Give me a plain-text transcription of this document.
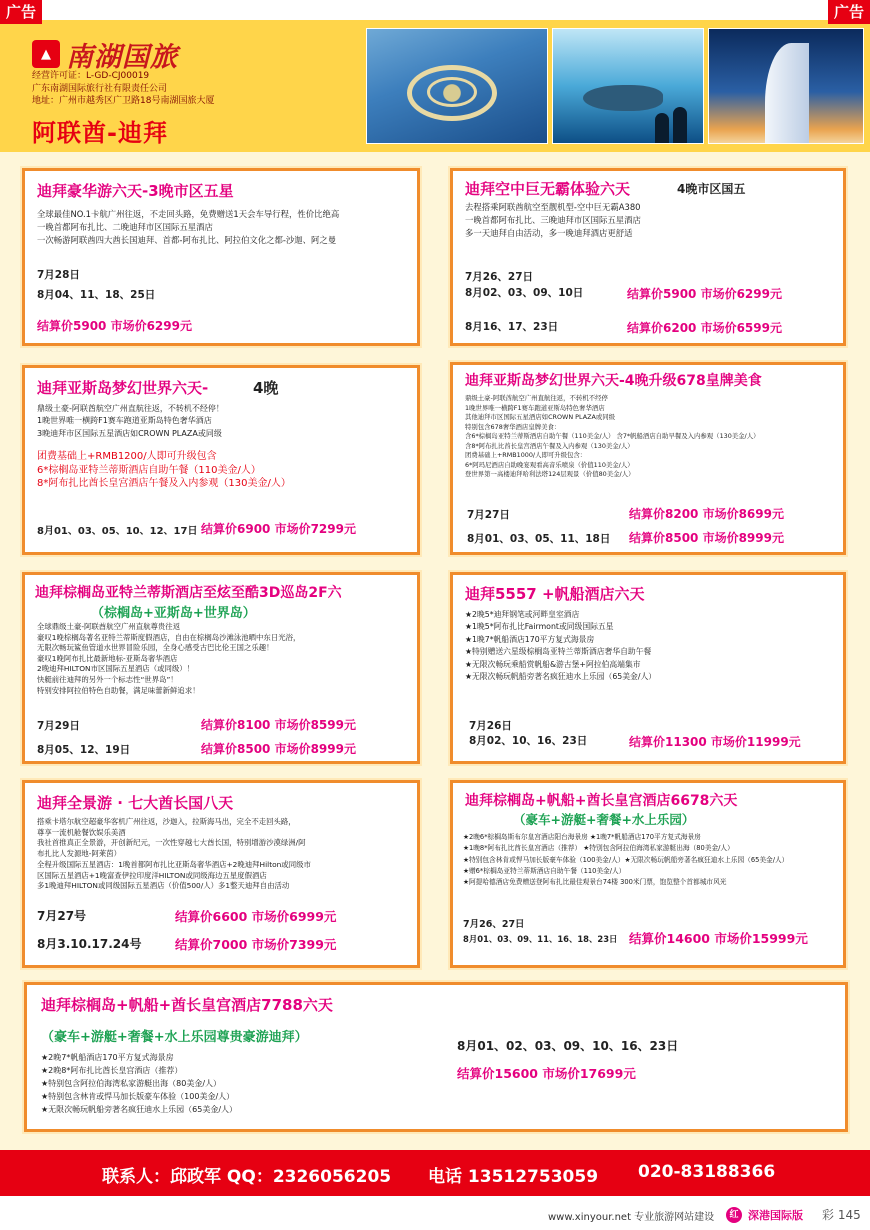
广告	广告
▲ 南湖国旅
经营许可证：L-GD-CJ00019
广东南湖国际旅行社有限责任公司
地址：广州市越秀区广卫路18号南湖国旅大厦
阿联酋-迪拜
迪拜豪华游六天-3晚市区五星
全球最佳NO.1卡航广州往返，不走回头路，免费赠送1天会车导行程，性价比绝高
一晚首都阿布扎比、二晚迪拜市区国际五星酒店
一次畅游阿联酋四大酋长国迪拜、首都-阿布扎比、阿拉伯文化之都-沙迦、阿之曼
7月28日
8月04、11、18、25日
结算价5900 市场价6299元
迪拜空中巨无霸体验六天	4晚市区国五
去程搭乘阿联酋航空至靓机型-空中巨无霸A380
一晚首都阿布扎比、三晚迪拜市区国际五星酒店
多一天迪拜自由活动，多一晚迪拜酒店更舒适
7月26、27日
8月02、03、09、10日	结算价5900 市场价6299元
8月16、17、23日	结算价6200 市场价6599元
迪拜亚斯岛梦幻世界六天-	4晚
鼎级土豪-阿联酋航空广州直航往返，不转机不经停！
1晚世界唯一横跨F1赛车跑道亚斯岛特色奢华酒店
3晚迪拜市区国际五星酒店如CROWN PLAZA或同级
团费基础上+RMB1200/人即可升级包含
6*棕榈岛亚特兰蒂斯酒店自助午餐（110美金/人）
8*阿布扎比酋长皇宫酒店午餐及入内参观（130美金/人）
8月01、03、05、10、12、17日 结算价6900 市场价7299元
迪拜亚斯岛梦幻世界六天-4晚升级678皇牌美食
鼎级土豪-阿联酋航空广州直航往返，不转机不经停
1晚世界唯一横跨F1赛车跑道亚斯岛特色奢华酒店
其他迪拜市区国际五星酒店如CROWN PLAZA或同级
特别包含678奢华酒店皇牌美食：
含6*棕榈岛亚特兰蒂斯酒店自助午餐（110美金/人） 含7*帆船酒店自助早餐及入内参观（130美金/人）
含8*阿布扎比酋长皇宫酒店午餐及入内参观（130美金/人）
团费基础上+RMB1000/人即可升级包含：
6*阿玛尼酒店自助晚宴观看高音乐喷泉（价值110美金/人）
登世界第一高楼迪拜哈利法塔124层观景（价值80美金/人）
7月27日	结算价8200 市场价8699元
8月01、03、05、11、18日 结算价8500 市场价8999元
迪拜棕榈岛亚特兰蒂斯酒店至炫至酷3D巡岛2F六
（棕榈岛+亚斯岛+世界岛）
全球鼎级土豪-阿联酋航空广州直航尊贵往返
豪叹1晚棕榈岛著名亚特兰蒂斯度假酒店，自由在棕榈岛沙滩泳池晒中东日光浴，
无限次畅玩鲨鱼管道水世界冒险乐园，全身心感受古巴比伦王国之乐趣！
豪叹1晚阿布扎比最新地标-亚斯岛奢华酒店
2晚迪拜HILTON市区国际五星酒店（或同级）！
快艇前往迪拜的另外一个标志性“世界岛”！
特别安排阿拉伯特色自助餐，满足味蕾新鲜追求！
7月29日	结算价8100 市场价8599元
8月05、12、19日	结算价8500 市场价8999元
迪拜5557 +帆船酒店六天
★2晚5*迪拜钢笔或河畔皇室酒店
★1晚5*阿布扎比Fairmont或同级国际五星
★1晚7*帆船酒店170平方复式海景房
★特别赠送六星级棕榈岛亚特兰蒂斯酒店奢华自助午餐
★无限次畅玩乘船赏帆船&游古堡+阿拉伯高端集市
★无限次畅玩帆船旁著名疯狂迪水上乐园（65美金/人）
7月26日
8月02、10、16、23日	结算价11300 市场价11999元
迪拜全景游 · 七大酋长国八天
搭乘卡塔尔航空超豪华客机广州往返，沙迦入，拉斯海马出，完全不走回头路，
尊享一流机舱餐饮娱乐美酒
我社首推真正全景游，开创新纪元，一次性穿越七大酋长国，特别增游沙漠绿洲/阿
布扎比人发源地-阿莱茵）
全程升级国际五星酒店：1晚首都阿布扎比亚斯岛奢华酒店+2晚迪拜Hilton或同级市
区国际五星酒店+1晚富查伊拉印度洋HILTON或同级海边五星度假酒店
多1晚迪拜HILTON或同级国际五星酒店（价值500/人）多1整天迪拜自由活动
7月27号	结算价6600 市场价6999元
8月3.10.17.24号	结算价7000 市场价7399元
迪拜棕榈岛+帆船+酋长皇宫酒店6678六天
（豪车+游艇+奢餐+水上乐园）
★2晚6*棕榈岛斯布尔皇宫酒店阳台海景房 ★1晚7*帆船酒店170平方复式海景房
★1晚8*阿布扎比酋长皇宫酒店（推荐） ★特别包含阿拉伯海湾私家游艇出海（80美金/人）
★特别包含林肯或悍马加长版豪车体验（100美金/人）★无限次畅玩帆船旁著名疯狂迪水上乐园（65美金/人）
★赠6*棕榈岛亚特兰蒂斯酒店自助午餐（110美金/人）
★阿提哈德酒店免费赠送登阿布扎比最佳观景台74楼 300米门票，饱览整个首都城市风光
7月26、27日
8月01、03、09、11、16、18、23日 结算价14600 市场价15999元
迪拜棕榈岛+帆船+酋长皇宫酒店7788六天
（豪车+游艇+奢餐+水上乐园尊贵豪游迪拜）
★2晚7*帆船酒店170平方复式海景房
★2晚8*阿布扎比酋长皇宫酒店（推荐）
★特别包含阿拉伯海湾私家游艇出海（80美金/人）
★特别包含林肯或悍马加长版豪车体验（100美金/人）
★无限次畅玩帆船旁著名疯狂迪水上乐园（65美金/人）
8月01、02、03、09、10、16、23日
结算价15600 市场价17699元
联系人：邱政军 QQ：2326056205 电话 13512753059 020-83188366
www.xinyour.net 专业旅游网站建设	红 深港国际版 彩 145
